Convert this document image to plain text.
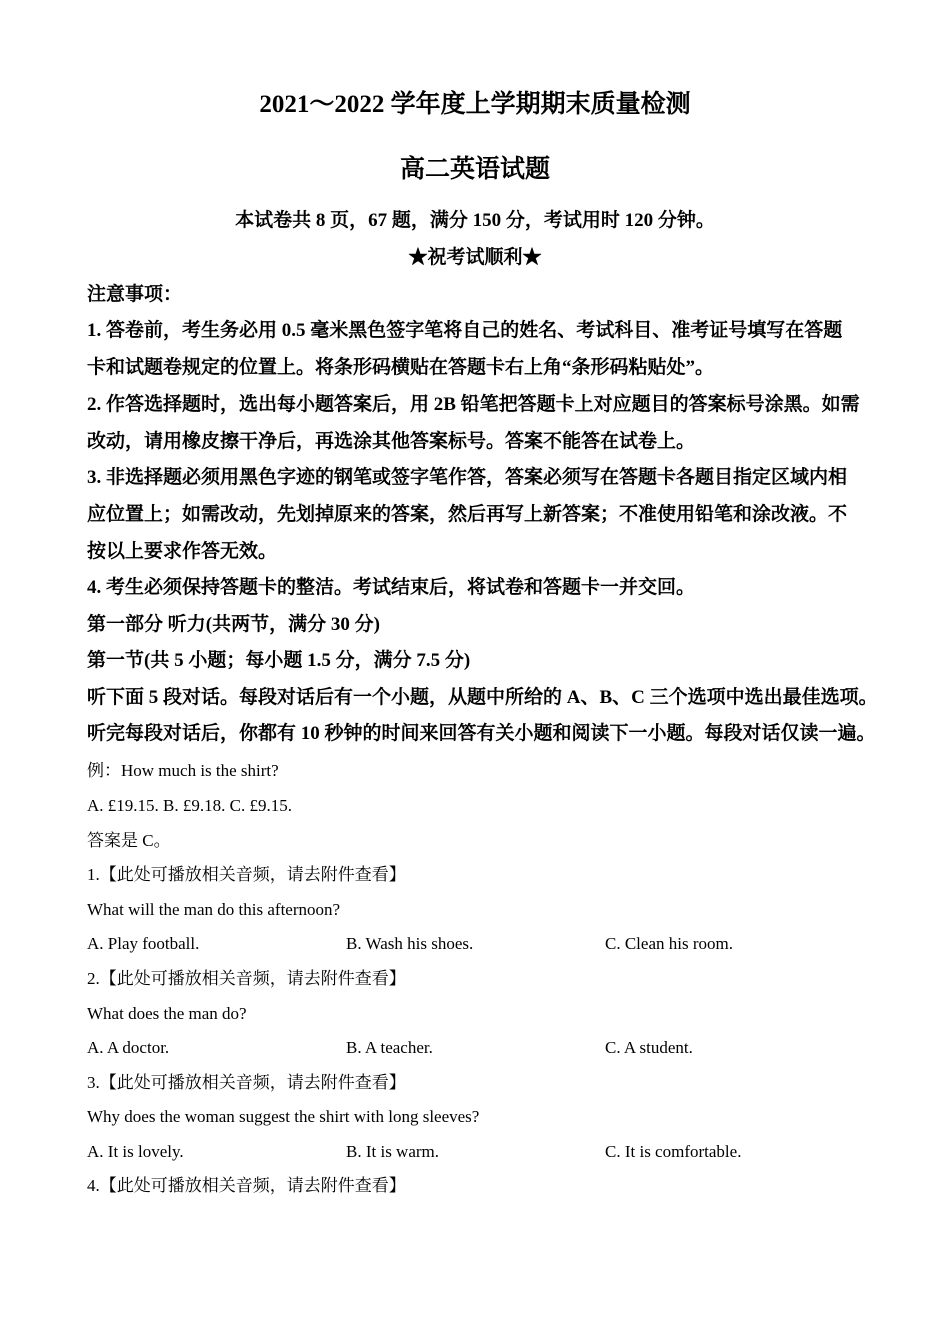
2021～2022 学年度上学期期末质量检测
高二英语试题
本试卷共 8 页，67 题，满分 150 分，考试用时 120 分钟。
★祝考试顺利★
注意事项：
1. 答卷前，考生务必用 0.5 毫米黑色签字笔将自己的姓名、考试科目、准考证号填写在答题
卡和试题卷规定的位置上。将条形码横贴在答题卡右上角“条形码粘贴处”。
2. 作答选择题时，选出每小题答案后，用 2B 铅笔把答题卡上对应题目的答案标号涂黑。如需
改动，请用橡皮擦干净后，再选涂其他答案标号。答案不能答在试卷上。
3. 非选择题必须用黑色字迹的钢笔或签字笔作答，答案必须写在答题卡各题目指定区域内相
应位置上；如需改动，先划掉原来的答案，然后再写上新答案；不准使用铅笔和涂改液。不
按以上要求作答无效。
4. 考生必须保持答题卡的整洁。考试结束后，将试卷和答题卡一并交回。
第一部分 听力(共两节，满分 30 分)
第一节(共 5 小题；每小题 1.5 分，满分 7.5 分)
听下面 5 段对话。每段对话后有一个小题，从题中所给的 A、B、C 三个选项中选出最佳选项。
听完每段对话后，你都有 10 秒钟的时间来回答有关小题和阅读下一小题。每段对话仅读一遍。
例：How much is the shirt?
A. £19.15. B. £9.18. C. £9.15.
答案是 C。
1.【此处可播放相关音频，请去附件查看】
What will the man do this afternoon?
A. Play football.	B. Wash his shoes.	C. Clean his room.
2.【此处可播放相关音频，请去附件查看】
What does the man do?
A. A doctor.	B. A teacher.	C. A student.
3.【此处可播放相关音频，请去附件查看】
Why does the woman suggest the shirt with long sleeves?
A. It is lovely.	B. It is warm.	C. It is comfortable.
4.【此处可播放相关音频，请去附件查看】
